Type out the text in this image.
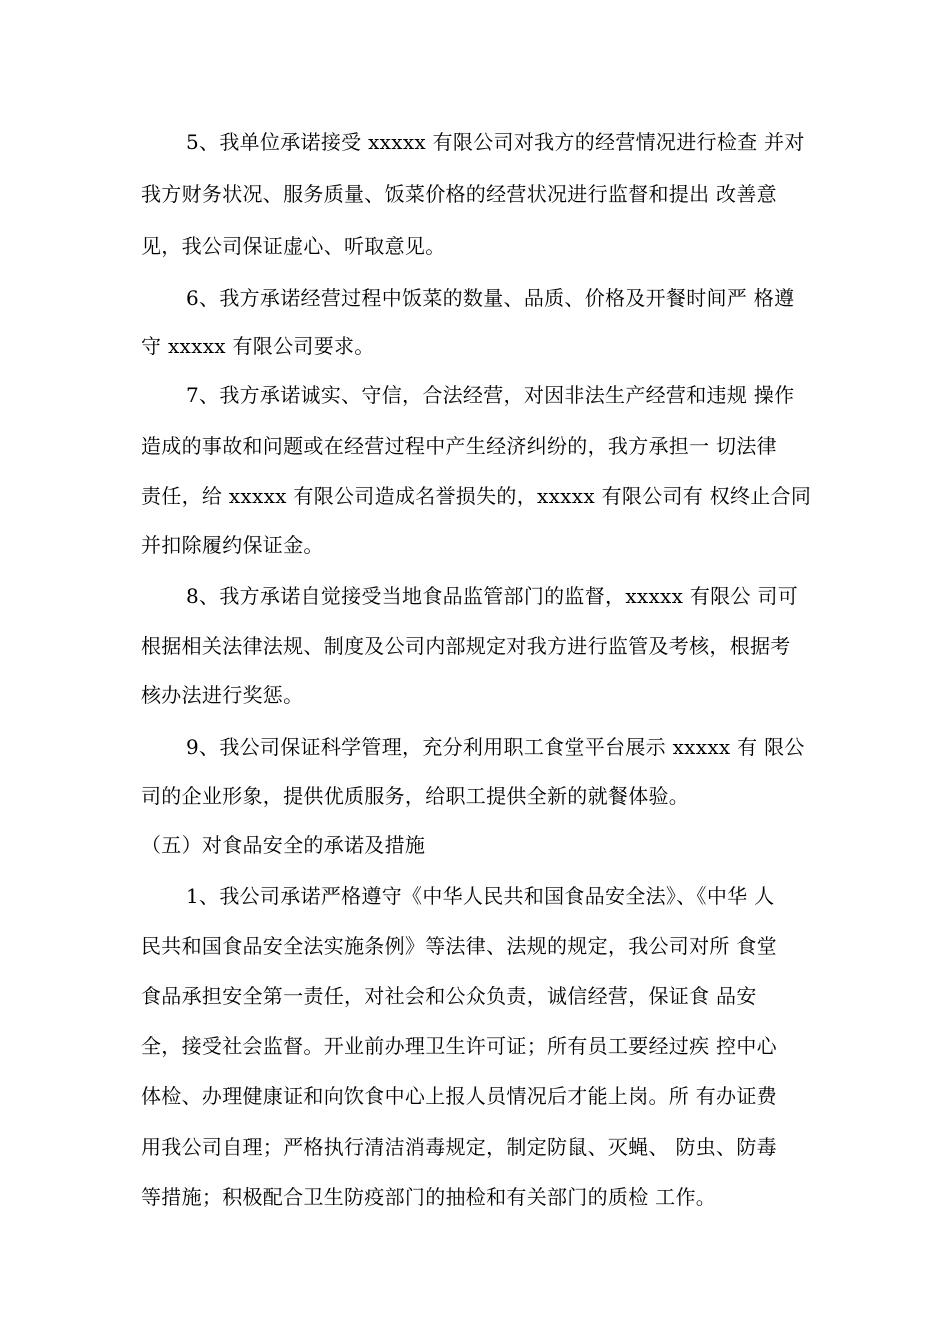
5、我单位承诺接受 xxxxx 有限公司对我方的经营情况进行检查 并对
我方财务状况、服务质量、饭菜价格的经营状况进行监督和提出 改善意
见，我公司保证虚心、听取意见。
6、我方承诺经营过程中饭菜的数量、品质、价格及开餐时间严 格遵
守 xxxxx 有限公司要求。
7、我方承诺诚实、守信，合法经营，对因非法生产经营和违规 操作
造成的事故和问题或在经营过程中产生经济纠纷的，我方承担一 切法律
责任，给 xxxxx 有限公司造成名誉损失的，xxxxx 有限公司有 权终止合同
并扣除履约保证金。
8、我方承诺自觉接受当地食品监管部门的监督，xxxxx 有限公 司可
根据相关法律法规、制度及公司内部规定对我方进行监管及考核，根据考
核办法进行奖惩。
9、我公司保证科学管理，充分利用职工食堂平台展示 xxxxx 有 限公
司的企业形象，提供优质服务，给职工提供全新的就餐体验。
（五）对食品安全的承诺及措施
1、我公司承诺严格遵守《中华人民共和国食品安全法》、《中华 人
民共和国食品安全法实施条例》等法律、法规的规定，我公司对所 食堂
食品承担安全第一责任，对社会和公众负责，诚信经营，保证食 品安
全，接受社会监督。开业前办理卫生许可证；所有员工要经过疾 控中心
体检、办理健康证和向饮食中心上报人员情况后才能上岗。所 有办证费
用我公司自理；严格执行清洁消毒规定，制定防鼠、灭蝇、 防虫、防毒
等措施；积极配合卫生防疫部门的抽检和有关部门的质检 工作。
